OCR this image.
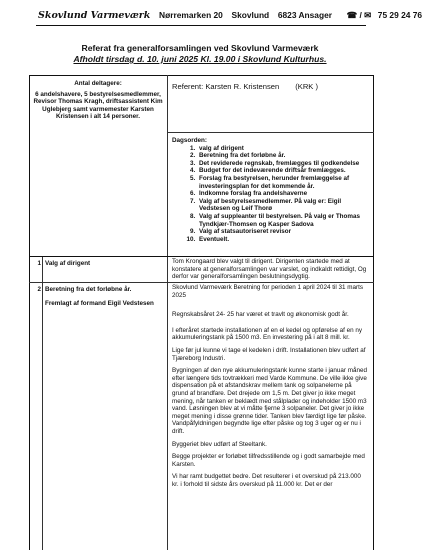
Skovlund Varmeværk Nørremarken 20 Skovlund 6823 Ansager ☎ / ✉ 75 29 24 76
Referat fra generalforsamlingen ved Skovlund Varmeværk
Afholdt tirsdag d. 10. juni 2025 Kl. 19.00 i Skovlund Kulturhus.
Antal deltagere:
6 andelshavere, 5 bestyrelsesmedlemmer, Revisor Thomas Kragh, driftsassistent Kim Uglebjerg samt varmemester Karsten Kristensen i alt 14 personer.
Referent: Karsten R. Kristensen (KRK )
Dagsorden:
1. valg af dirigent
2. Beretning fra det forløbne år.
3. Det reviderede regnskab, fremlægges til godkendelse
4. Budget for det indeværende driftsår fremlægges.
5. Forslag fra bestyrelsen, herunder fremlæggelse af investeringsplan for det kommende år.
6. Indkomne forslag fra andelshaverne
7. Valg af bestyrelsesmedlemmer. På valg er: Eigil Vedstesen og Leif Thorø
8. Valg af suppleanter til bestyrelsen. På valg er Thomas Tyndkjær-Thomsen og Kasper Sadova
9. Valg af statsautoriseret revisor
10. Eventuelt.
1 Valg af dirigent	Tom Krongaard blev valgt til dirigent. Dirigenten startede med at konstatere at generalforsamlingen var varslet, og indkaldt rettidigt, Og derfor var generalforsamlingen beslutningsdygtig.
2 Beretning fra det forløbne år.
Fremlagt af formand Eigil Vedstesen

Skovlund Varmeværk Beretning for perioden 1 april 2024 til 31 marts 2025

Regnskabsåret 24- 25 har været et travlt og økonomisk godt år.

I efteråret startede installationen af en el kedel og opførelse af en ny akkumuleringstank på 1500 m3. En investering på i alt 8 mill. kr.

Lige før jul kunne vi tage el kedelen i drift. Installationen blev udført af Tjæreborg Industri.

Bygningen af den nye akkumuleringstank kunne starte i januar måned efter længere tids tovtrækkeri med Varde Kommune. De ville ikke give dispensation på et afstandskrav mellem tank og solpanelerne på grund af brandfare. Det drejede om 1,5 m. Det giver jo ikke meget mening, når tanken er beklædt med stålplader og indeholder 1500 m3 vand. Løsningen blev at vi måtte fjerne 3 solpaneler. Det giver jo ikke meget mening i disse grønne tider. Tanken blev færdigt lige før påske. Vandpåfyldningen begyndte lige efter påske og tog 3 uger og er nu i drift.

Byggeriet blev udført af Steeltank.

Begge projekter er forløbet tilfredsstillende og i godt samarbejde med Karsten.

Vi har ramt budgettet bedre. Det resulterer i et overskud på 213.000 kr. i forhold til sidste års overskud på 11.000 kr. Det er der
